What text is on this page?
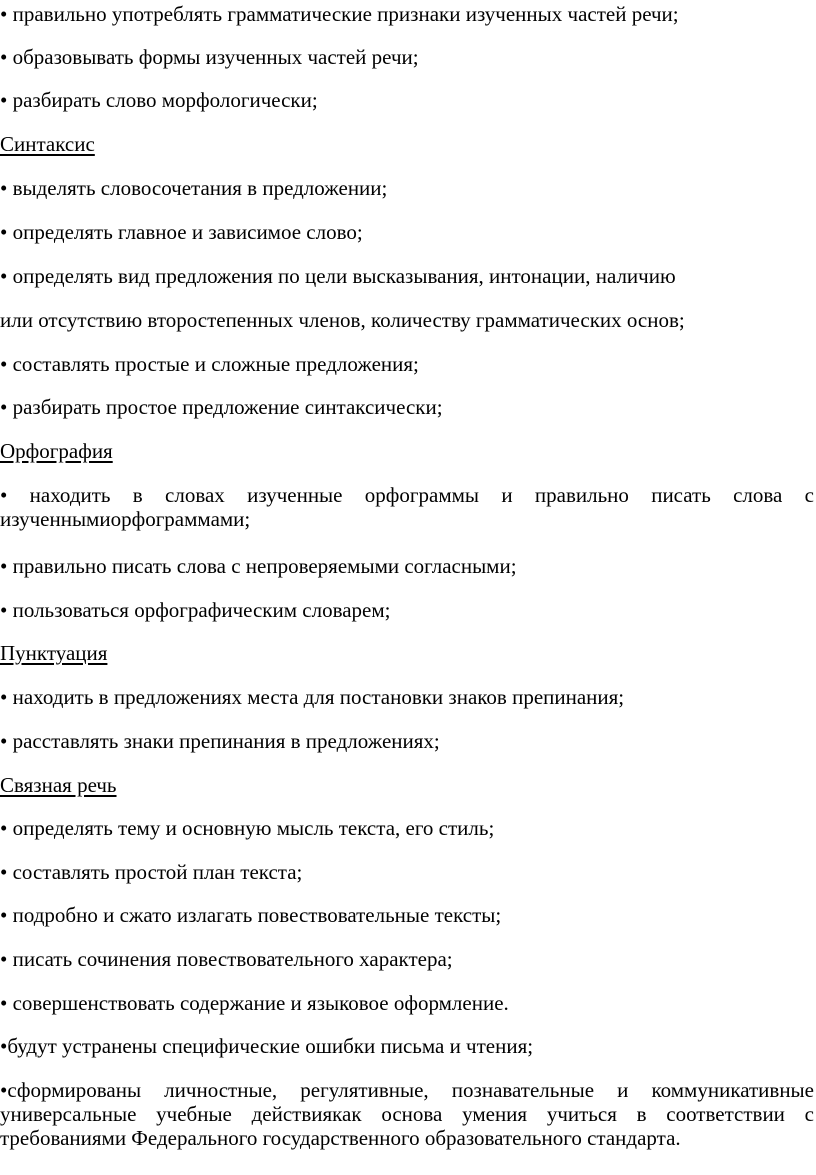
• правильно употреблять грамматические признаки изученных частей речи;
• образовывать формы изученных частей речи;
• разбирать слово морфологически;
Синтаксис
• выделять словосочетания в предложении;
• определять главное и зависимое слово;
• определять вид предложения по цели высказывания, интонации, наличию
или отсутствию второстепенных членов, количеству грамматических основ;
• составлять простые и сложные предложения;
• разбирать простое предложение синтаксически;
Орфография
• находить в словах изученные орфограммы и правильно писать слова с изученнымиорфограммами;
• правильно писать слова с непроверяемыми согласными;
• пользоваться орфографическим словарем;
Пунктуация
• находить в предложениях места для постановки знаков препинания;
• расставлять знаки препинания в предложениях;
Связная речь
• определять тему и основную мысль текста, его стиль;
• составлять простой план текста;
• подробно и сжато излагать повествовательные тексты;
• писать сочинения повествовательного характера;
• совершенствовать содержание и языковое оформление.
•будут устранены специфические ошибки письма и чтения;
•сформированы личностные, регулятивные, познавательные и коммуникативные универсальные учебные действиякак основа умения учиться в соответствии с требованиями Федерального государственного образовательного стандарта.
